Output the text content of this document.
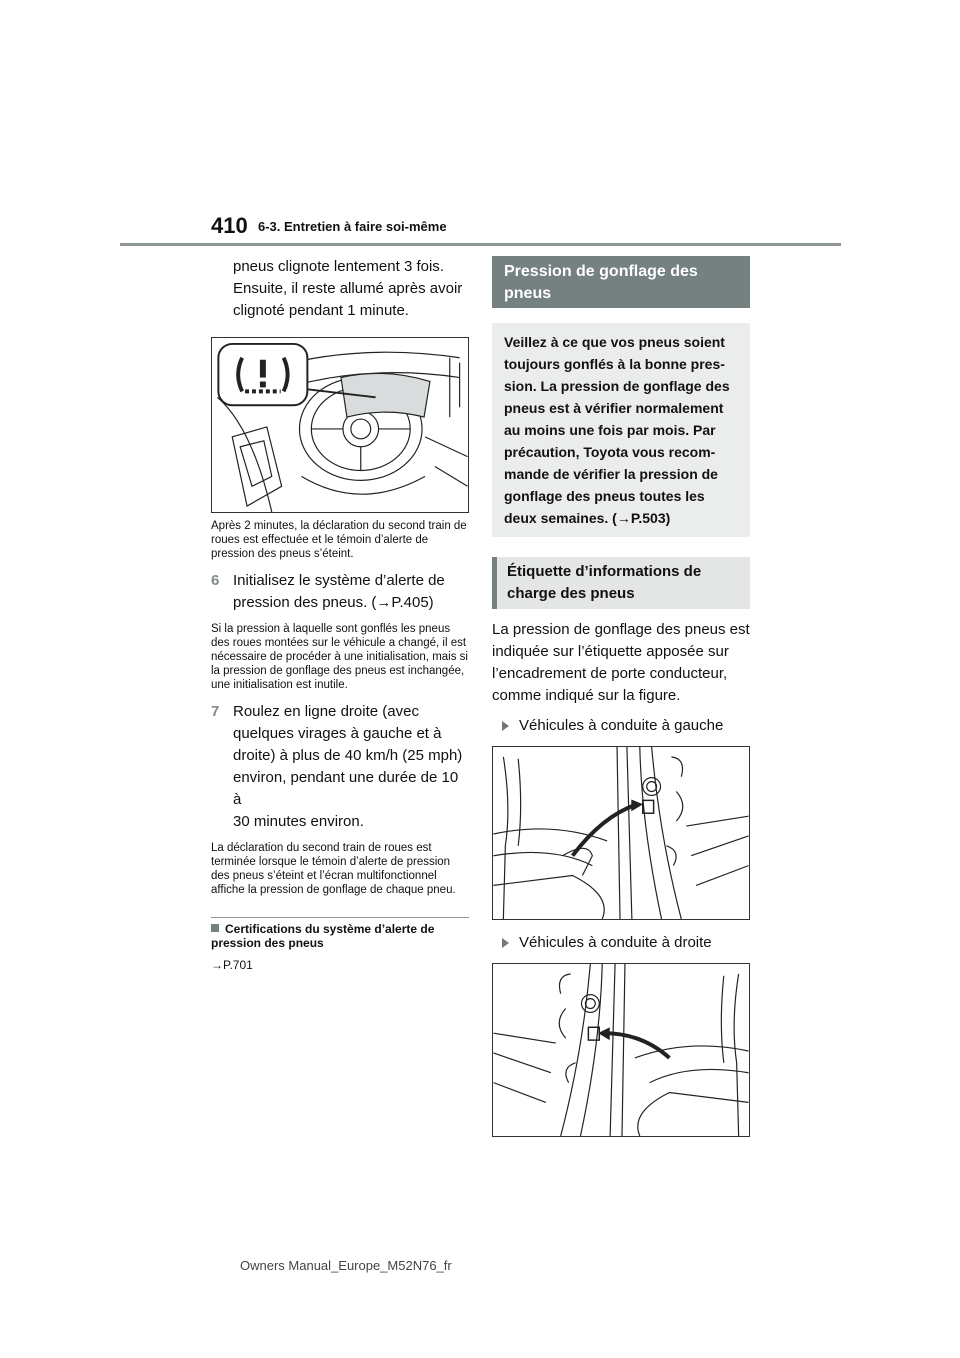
410 6-3. Entretien à faire soi-même

pneus clignote lentement 3 fois.

Ensuite, il reste allumé après avoir

clignoté pendant 1 minute.

Après 2 minutes, la déclaration du second train de roues est effectuée et le témoin d’alerte de pression des pneus s’éteint.

6 Initialisez le système d’alerte de

pression des pneus. (→P.405)

Si la pression à laquelle sont gonflés les pneus des roues montées sur le véhicule a changé, il est nécessaire de procéder à une initialisation, mais si la pression de gonflage des pneus est inchangée, une initialisation est inutile.

7 Roulez en ligne droite (avec

quelques virages à gauche et à

droite) à plus de 40 km/h (25 mph)

environ, pendant une durée de 10 à

30 minutes environ.

La déclaration du second train de roues est terminée lorsque le témoin d’alerte de pression des pneus s’éteint et l’écran multifonctionnel affiche la pression de gonflage de chaque pneu.

Certifications du système d’alerte de pression des pneus

→P.701

Pression de gonflage des pneus

Veillez à ce que vos pneus soient

toujours gonflés à la bonne pres-

sion. La pression de gonflage des

pneus est à vérifier normalement

au moins une fois par mois. Par

précaution, Toyota vous recom-

mande de vérifier la pression de

gonflage des pneus toutes les

deux semaines. (→P.503)

Étiquette d’informations de charge des pneus

La pression de gonflage des pneus est

indiquée sur l’étiquette apposée sur

l’encadrement de porte conducteur,

comme indiqué sur la figure.

Véhicules à conduite à gauche
Véhicules à conduite à droite
Owners Manual_Europe_M52N76_fr
